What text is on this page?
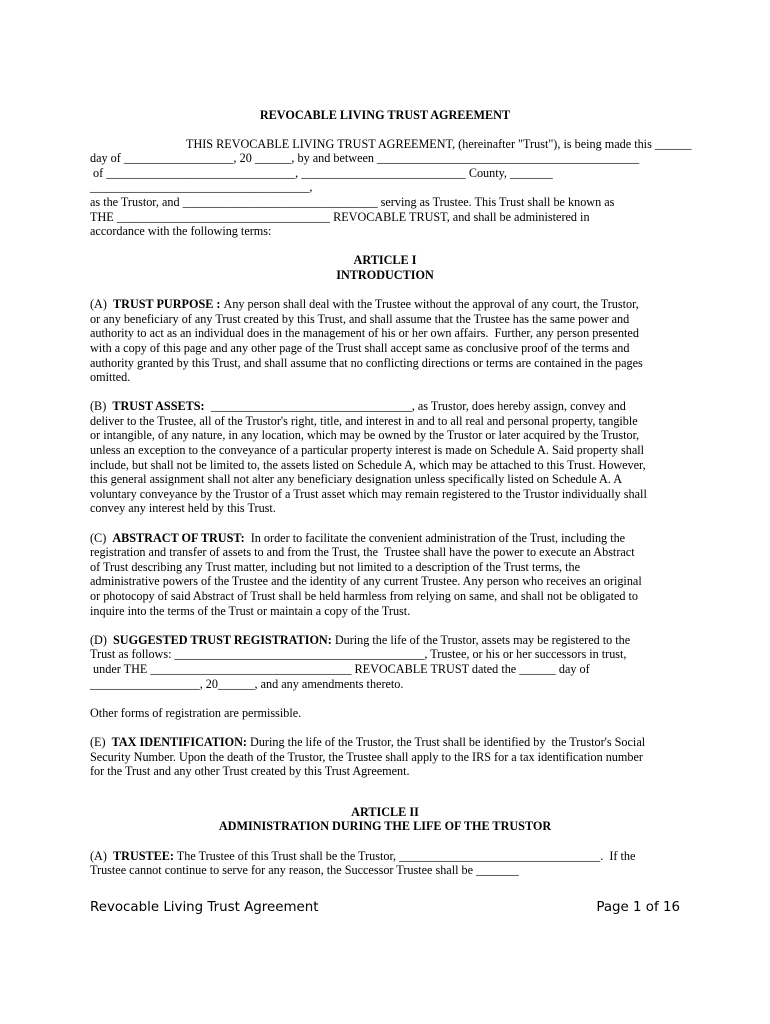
REVOCABLE LIVING TRUST AGREEMENT
THIS REVOCABLE LIVING TRUST AGREEMENT, (hereinafter "Trust"), is being made this ______
day of __________________, 20 ______, by and between ___________________________________________
of _______________________________, ___________________________ County, _______
____________________________________,
as the Trustor, and ________________________________ serving as Trustee. This Trust shall be known as
THE ___________________________________ REVOCABLE TRUST, and shall be administered in
accordance with the following terms:
ARTICLE I
INTRODUCTION
(A)  TRUST PURPOSE : Any person shall deal with the Trustee without the approval of any court, the Trustor,
or any beneficiary of any Trust created by this Trust, and shall assume that the Trustee has the same power and
authority to act as an individual does in the management of his or her own affairs.  Further, any person presented
with a copy of this page and any other page of the Trust shall accept same as conclusive proof of the terms and
authority granted by this Trust, and shall assume that no conflicting directions or terms are contained in the pages
omitted.
(B)  TRUST ASSETS:  _________________________________, as Trustor, does hereby assign, convey and
deliver to the Trustee, all of the Trustor's right, title, and interest in and to all real and personal property, tangible
or intangible, of any nature, in any location, which may be owned by the Trustor or later acquired by the Trustor,
unless an exception to the conveyance of a particular property interest is made on Schedule A. Said property shall
include, but shall not be limited to, the assets listed on Schedule A, which may be attached to this Trust. However,
this general assignment shall not alter any beneficiary designation unless specifically listed on Schedule A. A
voluntary conveyance by the Trustor of a Trust asset which may remain registered to the Trustor individually shall
convey any interest held by this Trust.
(C)  ABSTRACT OF TRUST:  In order to facilitate the convenient administration of the Trust, including the
registration and transfer of assets to and from the Trust, the  Trustee shall have the power to execute an Abstract
of Trust describing any Trust matter, including but not limited to a description of the Trust terms, the
administrative powers of the Trustee and the identity of any current Trustee. Any person who receives an original
or photocopy of said Abstract of Trust shall be held harmless from relying on same, and shall not be obligated to
inquire into the terms of the Trust or maintain a copy of the Trust.
(D)  SUGGESTED TRUST REGISTRATION: During the life of the Trustor, assets may be registered to the
Trust as follows: _________________________________________, Trustee, or his or her successors in trust,
under THE _________________________________ REVOCABLE TRUST dated the ______ day of
__________________, 20______, and any amendments thereto.
Other forms of registration are permissible.
(E)  TAX IDENTIFICATION: During the life of the Trustor, the Trust shall be identified by  the Trustor's Social
Security Number. Upon the death of the Trustor, the Trustee shall apply to the IRS for a tax identification number
for the Trust and any other Trust created by this Trust Agreement.
ARTICLE II
ADMINISTRATION DURING THE LIFE OF THE TRUSTOR
(A)  TRUSTEE: The Trustee of this Trust shall be the Trustor, _________________________________.  If the
Trustee cannot continue to serve for any reason, the Successor Trustee shall be _______
Revocable Living Trust Agreement	Page 1 of 16
